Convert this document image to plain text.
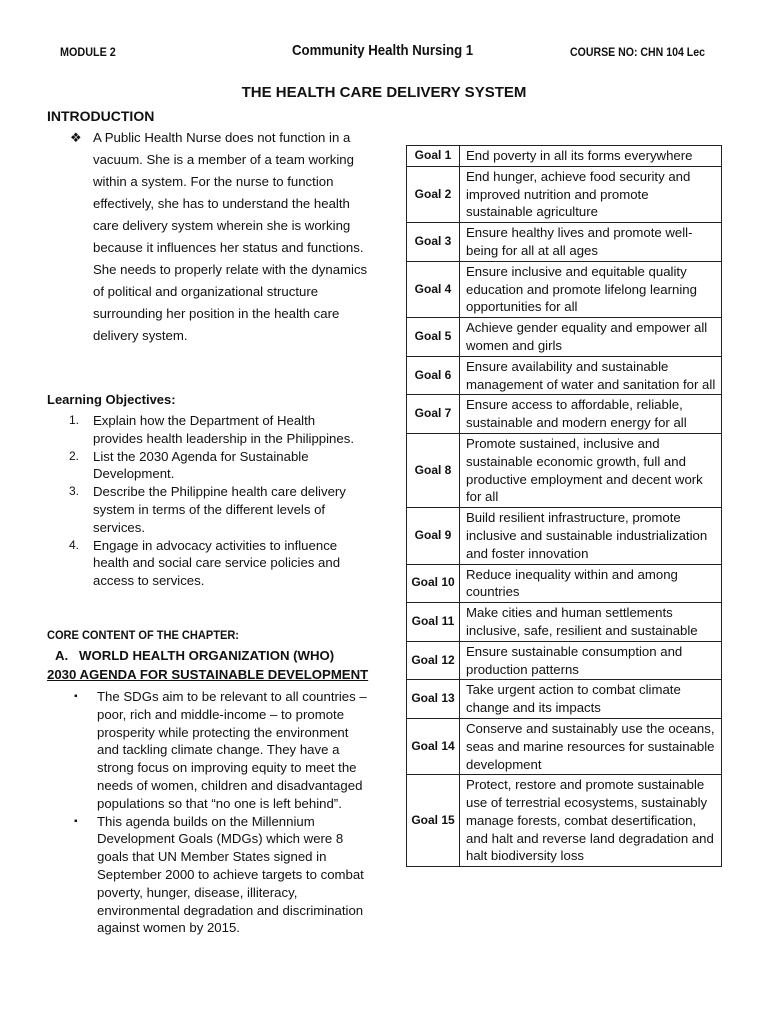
MODULE 2	Community Health Nursing 1	COURSE NO: CHN 104 Lec
THE HEALTH CARE DELIVERY SYSTEM
INTRODUCTION
❖ A Public Health Nurse does not function in a vacuum. She is a member of a team working within a system. For the nurse to function effectively, she has to understand the health care delivery system wherein she is working because it influences her status and functions. She needs to properly relate with the dynamics of political and organizational structure surrounding her position in the health care delivery system.

Learning Objectives:
1. Explain how the Department of Health provides health leadership in the Philippines.
2. List the 2030 Agenda for Sustainable Development.
3. Describe the Philippine health care delivery system in terms of the different levels of services.
4. Engage in advocacy activities to influence health and social care service policies and access to services.
CORE CONTENT OF THE CHAPTER:
A. WORLD HEALTH ORGANIZATION (WHO)
2030 AGENDA FOR SUSTAINABLE DEVELOPMENT
▪ The SDGs aim to be relevant to all countries – poor, rich and middle-income – to promote prosperity while protecting the environment and tackling climate change. They have a strong focus on improving equity to meet the needs of women, children and disadvantaged populations so that “no one is left behind”.
▪ This agenda builds on the Millennium Development Goals (MDGs) which were 8 goals that UN Member States signed in September 2000 to achieve targets to combat poverty, hunger, disease, illiteracy, environmental degradation and discrimination against women by 2015.
Goal 1	End poverty in all its forms everywhere
Goal 2	End hunger, achieve food security and improved nutrition and promote sustainable agriculture
Goal 3	Ensure healthy lives and promote well-being for all at all ages
Goal 4	Ensure inclusive and equitable quality education and promote lifelong learning opportunities for all
Goal 5	Achieve gender equality and empower all women and girls
Goal 6	Ensure availability and sustainable management of water and sanitation for all
Goal 7	Ensure access to affordable, reliable, sustainable and modern energy for all
Goal 8	Promote sustained, inclusive and sustainable economic growth, full and productive employment and decent work for all
Goal 9	Build resilient infrastructure, promote inclusive and sustainable industrialization and foster innovation
Goal 10	Reduce inequality within and among countries
Goal 11	Make cities and human settlements inclusive, safe, resilient and sustainable
Goal 12	Ensure sustainable consumption and production patterns
Goal 13	Take urgent action to combat climate change and its impacts
Goal 14	Conserve and sustainably use the oceans, seas and marine resources for sustainable development
Goal 15	Protect, restore and promote sustainable use of terrestrial ecosystems, sustainably manage forests, combat desertification, and halt and reverse land degradation and halt biodiversity loss
